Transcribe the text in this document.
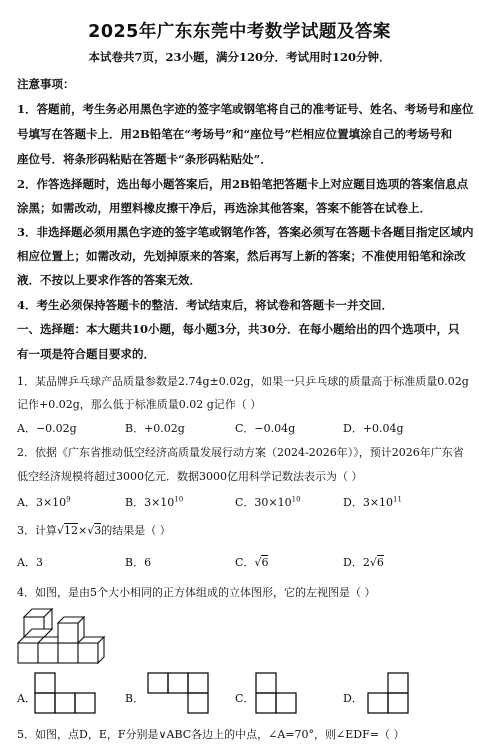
2025年广东东莞中考数学试题及答案
本试卷共7页，23小题，满分120分．考试用时120分钟．
注意事项：
1．答题前，考生务必用黑色字迹的签字笔或钢笔将自己的准考证号、姓名、考场号和座位
号填写在答题卡上．用2B铅笔在“考场号”和“座位号”栏相应位置填涂自己的考场号和
座位号．将条形码粘贴在答题卡“条形码粘贴处”．
2．作答选择题时，选出每小题答案后，用2B铅笔把答题卡上对应题目选项的答案信息点
涂黑；如需改动，用塑料橡皮擦干净后，再选涂其他答案，答案不能答在试卷上．
3．非选择题必须用黑色字迹的签字笔或钢笔作答，答案必须写在答题卡各题目指定区域内
相应位置上；如需改动，先划掉原来的答案，然后再写上新的答案；不准使用铅笔和涂改
液．不按以上要求作答的答案无效．
4．考生必须保持答题卡的整洁．考试结束后，将试卷和答题卡一并交回．
一、选择题：本大题共10小题，每小题3分，共30分．在每小题给出的四个选项中，只
有一项是符合题目要求的．
1．某品牌乒乓球产品质量参数是2.74g±0.02g，如果一只乒乓球的质量高于标准质量0.02g
记作+0.02g，那么低于标准质量0.02 g记作（ ）
A．−0.02g	B．+0.02g	C．−0.04g	D．+0.04g
2．依据《广东省推动低空经济高质量发展行动方案（2024-2026年）》，预计2026年广东省
低空经济规模将超过3000亿元．数据3000亿用科学记数法表示为（ ）
A．$3\times 10^9$	B．$3\times 10^{10}$	C．$30\times 10^{10}$	D．$3\times 10^{11}$
3．计算√12×√3的结果是（ ）
A．3	B．6	C．√6	D．2√6
4．如图，是由5个大小相同的正方体组成的立体图形，它的左视图是（ ）
A．	B．	C．	D．
5．如图，点D，E，F分别是∨ABC各边上的中点，∠A=70°，则∠EDF=（ ）
